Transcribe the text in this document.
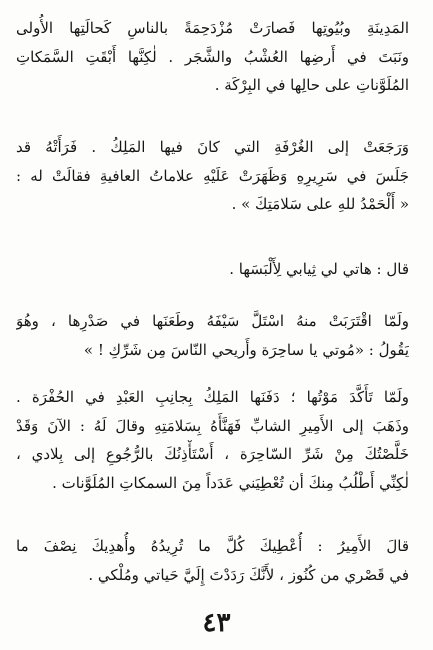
المَدِينَةِ وبُيُوتِها فَصارَتْ مُزْدَحِمَةً بالناسِ كَحالَتِها الأُولى
ونَبَتَ في أَرضِها العُشْبُ والشَّجَر . لٰكِنَّها أَبْقَتِ السَّمَكاتِ
المُلَوَّناتِ على حالِها في البِرْكَة .
وَرَجَعَتْ إلى الغُرْفَةِ التي كانَ فيها المَلِكُ . فَرَأَتْهُ قد
جَلَسَ في سَرِيرِهِ وَظَهَرَتْ عَلَيْهِ علاماتُ العافيةِ فقالَتْ له :
« أَلْحَمْدُ للهِ على سَلامَتِكَ » .
قال : هاتي لي ثِيابي لِأَلْبَسَها .
ولَمّا اقْتَرَبَتْ منهُ اسْتَلَّ سَيْفَهُ وطَعَنَها في صَدْرِها ، وهُوَ
يَقُولُ : «مُوتي يا ساحِرَة وأَريحي النّاسَ مِن شَرِّكِ ! »
ولَمّا تَأَكَّدَ مَوْتُها ؛ دَفَنَها المَلِكُ بِجانِبِ العَبْدِ في الحُفْرَة .
وذَهَبَ إلى الأَمِيرِ الشابِّ فَهَنَّأَهُ بِسَلامَتِهِ وقالَ لَهُ : الآنَ وَقَدْ
خَلَّصْتُكَ مِنْ شَرِّ السّاحِرَة ، أَسْتَأْذِنُكَ بالرُّجُوعِ إلى بِلادي ،
لٰكِنِّي أَطْلُبُ مِنكَ أن تُعْطِيَني عَدَداً مِنَ السمكاتِ المُلَوَّنات .
قالَ الأَمِيرُ : أُعْطِيكَ كُلَّ ما تُرِيدُهُ وأُهدِيكَ نِصْفَ ما
في قَصْري من كُنُوز ، لأَنَّكَ رَدَدْتَ إِلَيَّ حَياتي ومُلْكي .
٤٣
